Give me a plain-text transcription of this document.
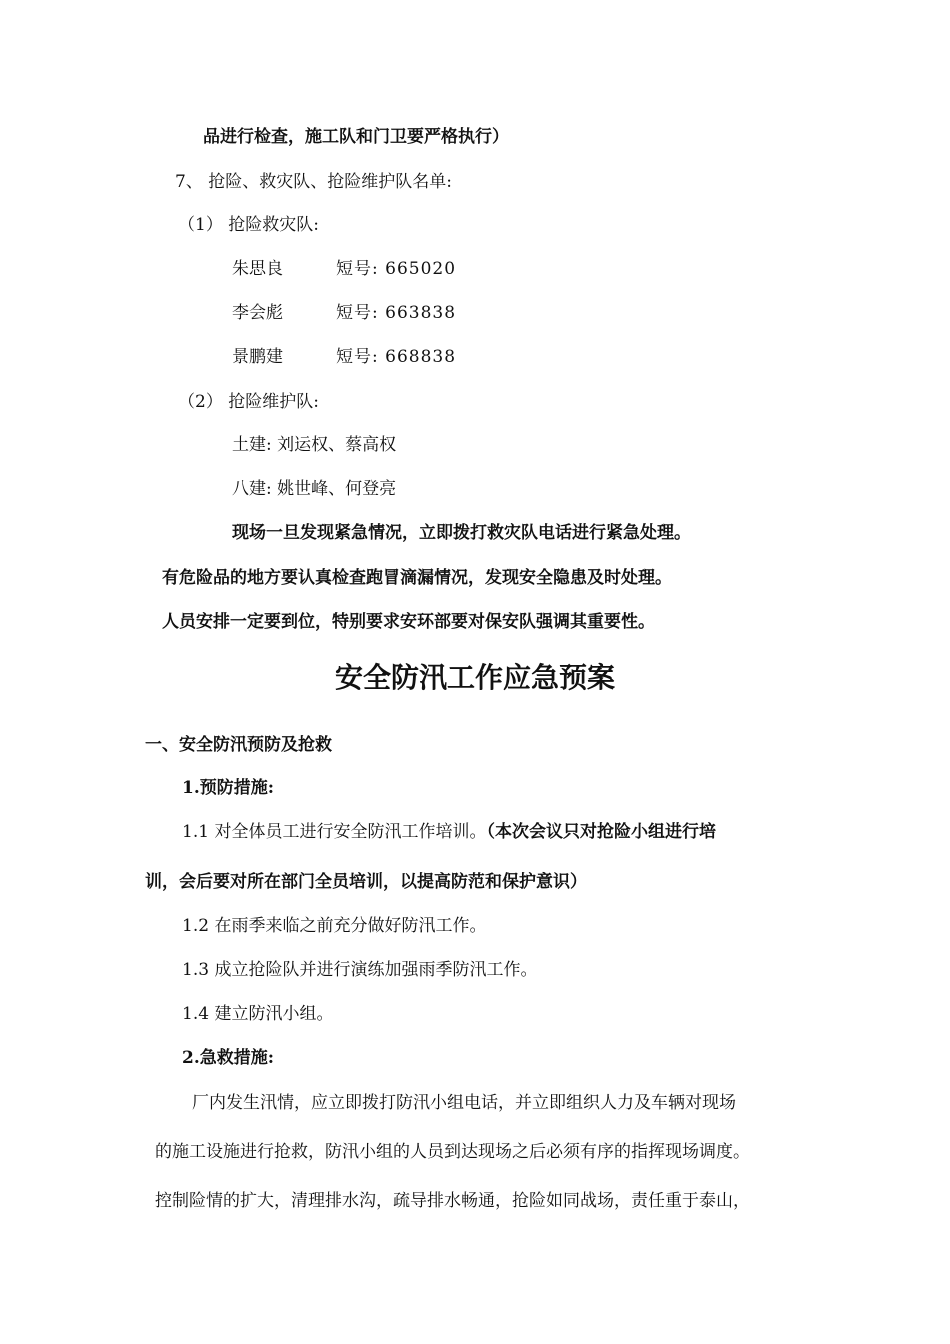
品进行检查，施工队和门卫要严格执行）
7、 抢险、救灾队、抢险维护队名单:
（1） 抢险救灾队:
朱思良	短号: 665020
李会彪	短号: 663838
景鹏建	短号: 668838
（2） 抢险维护队:
土建: 刘运权、蔡高权
八建: 姚世峰、何登亮
现场一旦发现紧急情况，立即拨打救灾队电话进行紧急处理。
有危险品的地方要认真检查跑冒滴漏情况，发现安全隐患及时处理。
人员安排一定要到位，特别要求安环部要对保安队强调其重要性。
安全防汛工作应急预案
一、安全防汛预防及抢救
1.预防措施:
1.1 对全体员工进行安全防汛工作培训。（本次会议只对抢险小组进行培
训，会后要对所在部门全员培训，以提高防范和保护意识）
1.2 在雨季来临之前充分做好防汛工作。
1.3 成立抢险队并进行演练加强雨季防汛工作。
1.4 建立防汛小组。
2.急救措施:
厂内发生汛情，应立即拨打防汛小组电话，并立即组织人力及车辆对现场
的施工设施进行抢救，防汛小组的人员到达现场之后必须有序的指挥现场调度。
控制险情的扩大，清理排水沟，疏导排水畅通，抢险如同战场，责任重于泰山，
